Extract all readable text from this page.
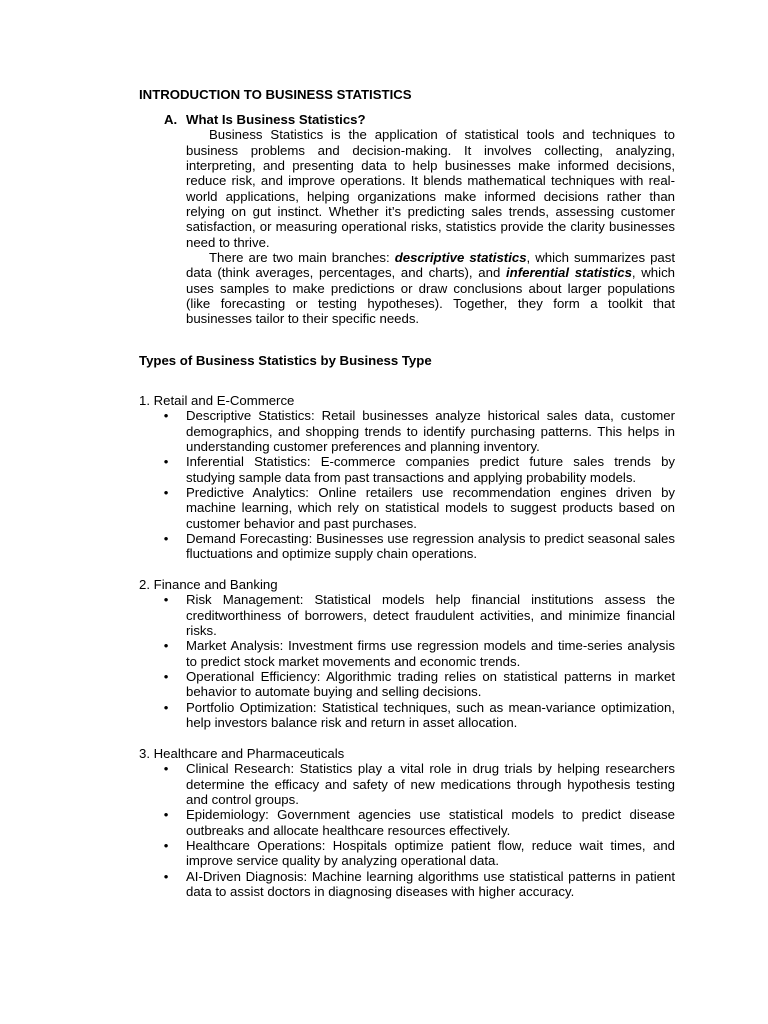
INTRODUCTION TO BUSINESS STATISTICS
A. What Is Business Statistics?
Business Statistics is the application of statistical tools and techniques to business problems and decision-making. It involves collecting, analyzing, interpreting, and presenting data to help businesses make informed decisions, reduce risk, and improve operations. It blends mathematical techniques with real-world applications, helping organizations make informed decisions rather than relying on gut instinct. Whether it’s predicting sales trends, assessing customer satisfaction, or measuring operational risks, statistics provide the clarity businesses need to thrive.
There are two main branches: descriptive statistics, which summarizes past data (think averages, percentages, and charts), and inferential statistics, which uses samples to make predictions or draw conclusions about larger populations (like forecasting or testing hypotheses). Together, they form a toolkit that businesses tailor to their specific needs.
Types of Business Statistics by Business Type
1. Retail and E-Commerce
• Descriptive Statistics: Retail businesses analyze historical sales data, customer demographics, and shopping trends to identify purchasing patterns. This helps in understanding customer preferences and planning inventory.
• Inferential Statistics: E-commerce companies predict future sales trends by studying sample data from past transactions and applying probability models.
• Predictive Analytics: Online retailers use recommendation engines driven by machine learning, which rely on statistical models to suggest products based on customer behavior and past purchases.
• Demand Forecasting: Businesses use regression analysis to predict seasonal sales fluctuations and optimize supply chain operations.
2. Finance and Banking
• Risk Management: Statistical models help financial institutions assess the creditworthiness of borrowers, detect fraudulent activities, and minimize financial risks.
• Market Analysis: Investment firms use regression models and time-series analysis to predict stock market movements and economic trends.
• Operational Efficiency: Algorithmic trading relies on statistical patterns in market behavior to automate buying and selling decisions.
• Portfolio Optimization: Statistical techniques, such as mean-variance optimization, help investors balance risk and return in asset allocation.
3. Healthcare and Pharmaceuticals
• Clinical Research: Statistics play a vital role in drug trials by helping researchers determine the efficacy and safety of new medications through hypothesis testing and control groups.
• Epidemiology: Government agencies use statistical models to predict disease outbreaks and allocate healthcare resources effectively.
• Healthcare Operations: Hospitals optimize patient flow, reduce wait times, and improve service quality by analyzing operational data.
• AI-Driven Diagnosis: Machine learning algorithms use statistical patterns in patient data to assist doctors in diagnosing diseases with higher accuracy.
